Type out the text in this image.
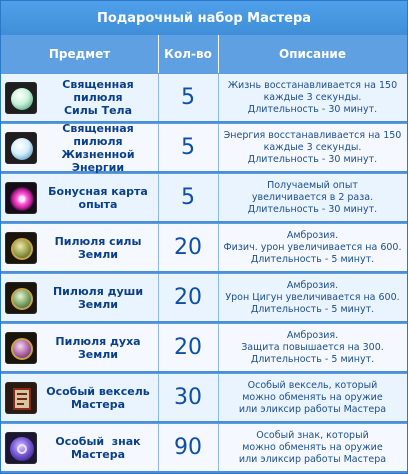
Подарочный набор Мастера
Предмет	Кол-во	Описание
Священная пилюля
Силы Тела
5	Жизнь восстанавливается на 150
каждые 3 секунды.
Длительность - 30 минут.
Священная пилюля
Жизненной Энергии
5	Энергия восстанавливается на 150
каждые 3 секунды.
Длительность - 30 минут.
Бонусная карта
опыта	5	Получаемый опыт
увеличивается в 2 раза.
Длительность - 30 минут.
Пилюля силы
Земли	20	Амброзия.
Физич. урон увеличивается на 600.
Длительность - 5 минут.
Пилюля души
Земли	20	Амброзия.
Урон Цигун увеличивается на 600.
Длительность - 5 минут.
Пилюля духа
Земли	20	Амброзия.
Защита повышается на 300.
Длительность - 5 минут.
Особый вексель
Мастера	30	Особый вексель, который
можно обменять на оружие
или эликсир работы Мастера
Особый  знак
Мастера	90	Особый знак, который
можно обменять на оружие
или эликсир работы Мастера
